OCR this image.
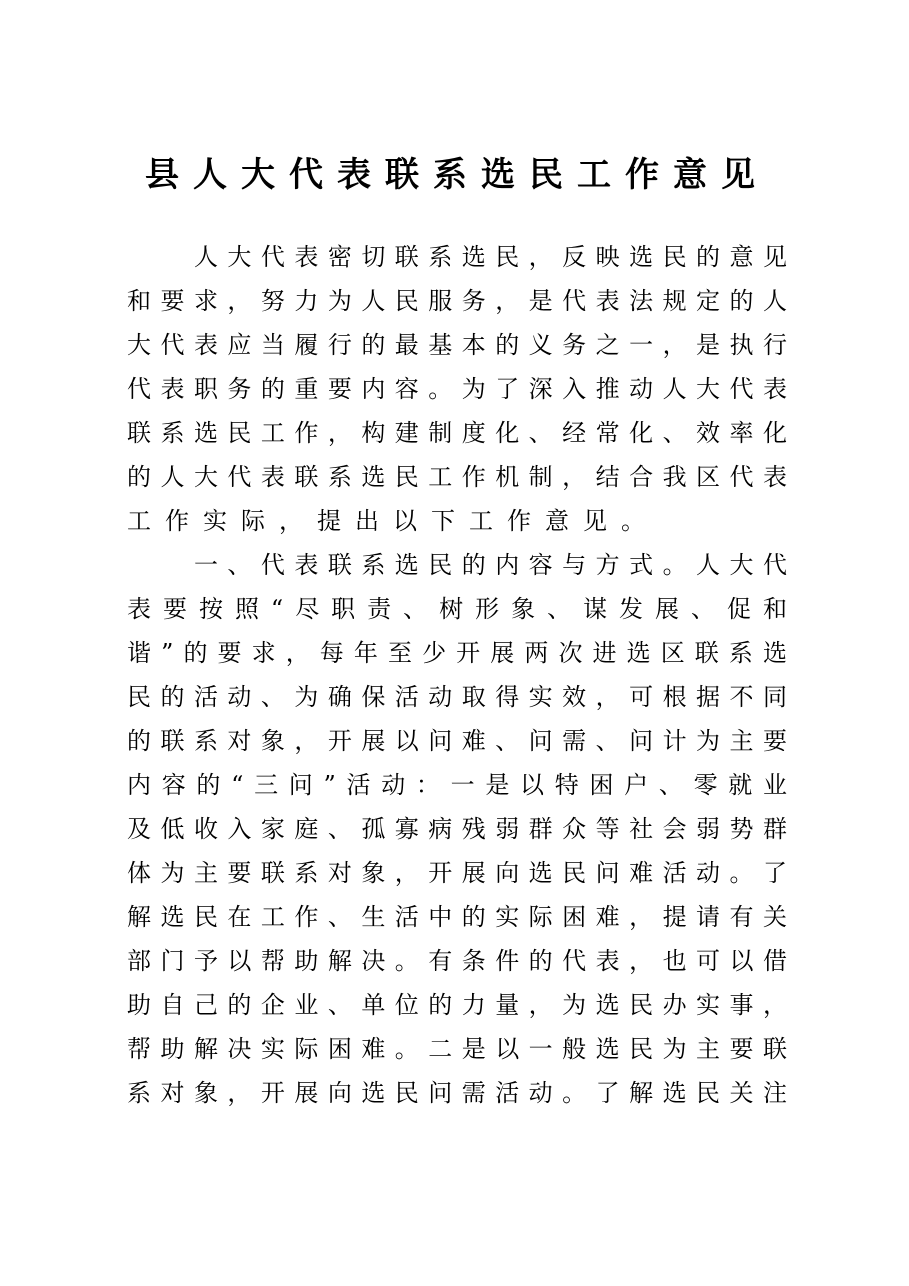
县人大代表联系选民工作意见
　　人大代表密切联系选民，反映选民的意见
和要求，努力为人民服务，是代表法规定的人
大代表应当履行的最基本的义务之一，是执行
代表职务的重要内容。为了深入推动人大代表
联系选民工作，构建制度化、经常化、效率化
的人大代表联系选民工作机制，结合我区代表
工作实际，提出以下工作意见。
　　一、代表联系选民的内容与方式。人大代
表要按照“尽职责、树形象、谋发展、促和
谐”的要求，每年至少开展两次进选区联系选
民的活动、为确保活动取得实效，可根据不同
的联系对象，开展以问难、问需、问计为主要
内容的“三问”活动：一是以特困户、零就业
及低收入家庭、孤寡病残弱群众等社会弱势群
体为主要联系对象，开展向选民问难活动。了
解选民在工作、生活中的实际困难，提请有关
部门予以帮助解决。有条件的代表，也可以借
助自己的企业、单位的力量，为选民办实事，
帮助解决实际困难。二是以一般选民为主要联
系对象，开展向选民问需活动。了解选民关注
